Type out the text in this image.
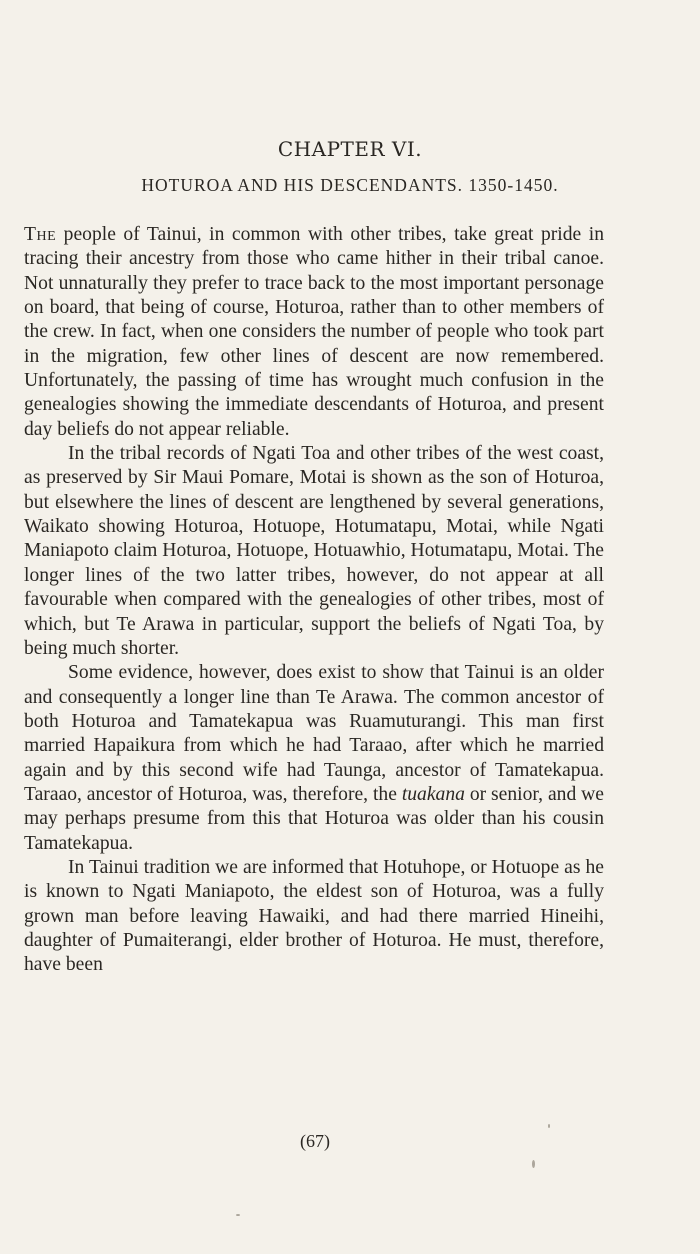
CHAPTER VI.
HOTUROA AND HIS DESCENDANTS. 1350-1450.

The people of Tainui, in common with other tribes, take great pride in tracing their ancestry from those who came hither in their tribal canoe. Not unnaturally they prefer to trace back to the most important personage on board, that being of course, Hoturoa, rather than to other members of the crew. In fact, when one considers the number of people who took part in the migration, few other lines of descent are now remembered. Unfortunately, the passing of time has wrought much confusion in the genealogies showing the immediate descendants of Hoturoa, and present day beliefs do not appear reliable.

In the tribal records of Ngati Toa and other tribes of the west coast, as preserved by Sir Maui Pomare, Motai is shown as the son of Hoturoa, but elsewhere the lines of descent are lengthened by several generations, Waikato showing Hoturoa, Hotuope, Hotumatapu, Motai, while Ngati Maniapoto claim Hoturoa, Hotuope, Hotuawhio, Hotumatapu, Motai. The longer lines of the two latter tribes, however, do not appear at all favourable when compared with the genealogies of other tribes, most of which, but Te Arawa in particular, support the beliefs of Ngati Toa, by being much shorter.

Some evidence, however, does exist to show that Tainui is an older and consequently a longer line than Te Arawa. The common ancestor of both Hoturoa and Tamatekapua was Ruamuturangi. This man first married Hapaikura from which he had Taraao, after which he married again and by this second wife had Taunga, ancestor of Tamatekapua. Taraao, ancestor of Hoturoa, was, therefore, the tuakana or senior, and we may perhaps presume from this that Hoturoa was older than his cousin Tamatekapua.

In Tainui tradition we are informed that Hotuhope, or Hotuope as he is known to Ngati Maniapoto, the eldest son of Hoturoa, was a fully grown man before leaving Hawaiki, and had there married Hineihi, daughter of Pumaiterangi, elder brother of Hoturoa. He must, therefore, have been

(67)
